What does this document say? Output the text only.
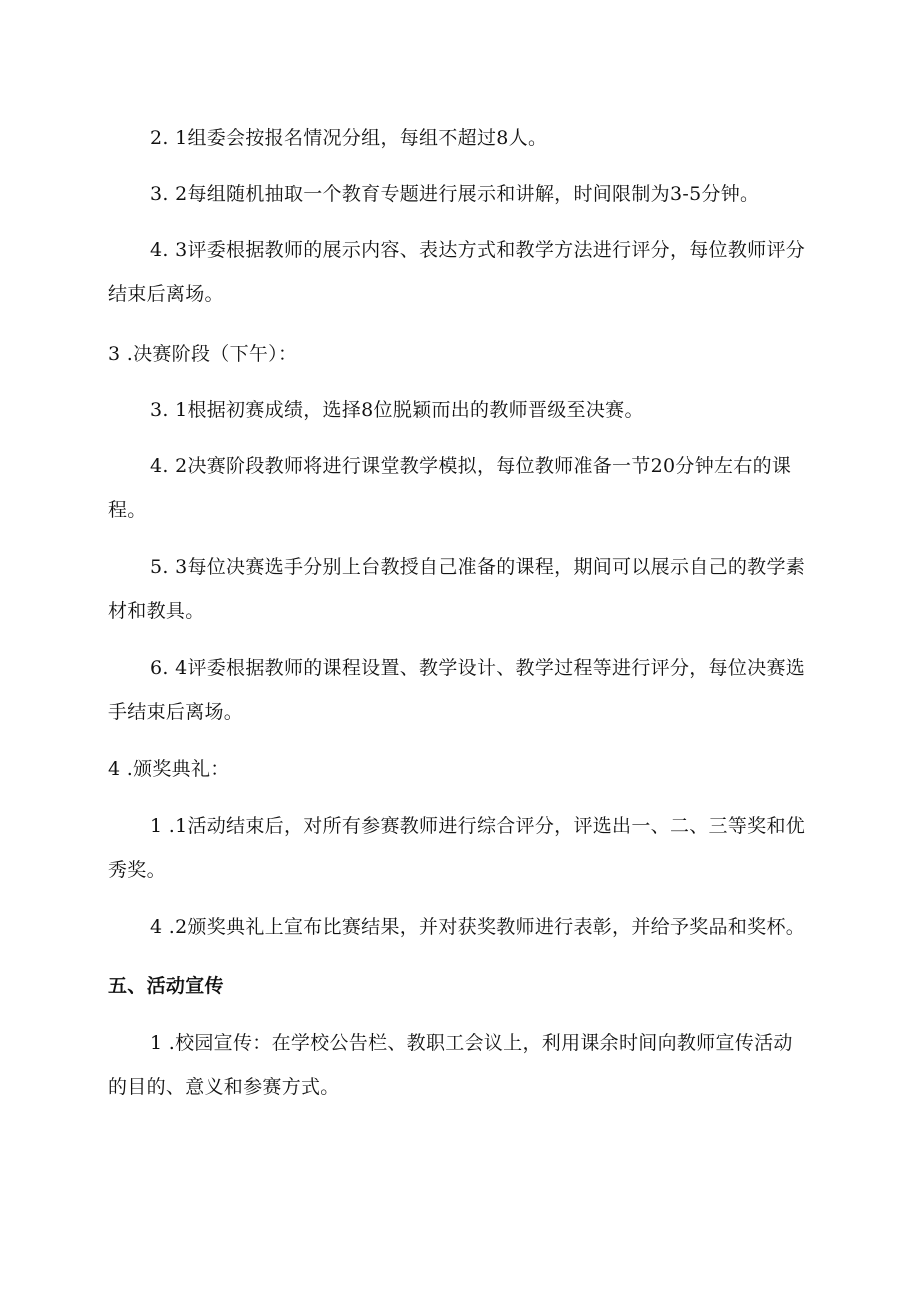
2. 1组委会按报名情况分组，每组不超过8人。

3. 2每组随机抽取一个教育专题进行展示和讲解，时间限制为3-5分钟。

4. 3评委根据教师的展示内容、表达方式和教学方法进行评分，每位教师评分结束后离场。

3 .决赛阶段（下午）：

3. 1根据初赛成绩，选择8位脱颖而出的教师晋级至决赛。

4. 2决赛阶段教师将进行课堂教学模拟，每位教师准备一节20分钟左右的课程。

5. 3每位决赛选手分别上台教授自己准备的课程，期间可以展示自己的教学素材和教具。

6. 4评委根据教师的课程设置、教学设计、教学过程等进行评分，每位决赛选手结束后离场。

4 .颁奖典礼：

1 .1活动结束后，对所有参赛教师进行综合评分，评选出一、二、三等奖和优秀奖。

4 .2颁奖典礼上宣布比赛结果，并对获奖教师进行表彰，并给予奖品和奖杯。

五、活动宣传

1 .校园宣传：在学校公告栏、教职工会议上，利用课余时间向教师宣传活动的目的、意义和参赛方式。
